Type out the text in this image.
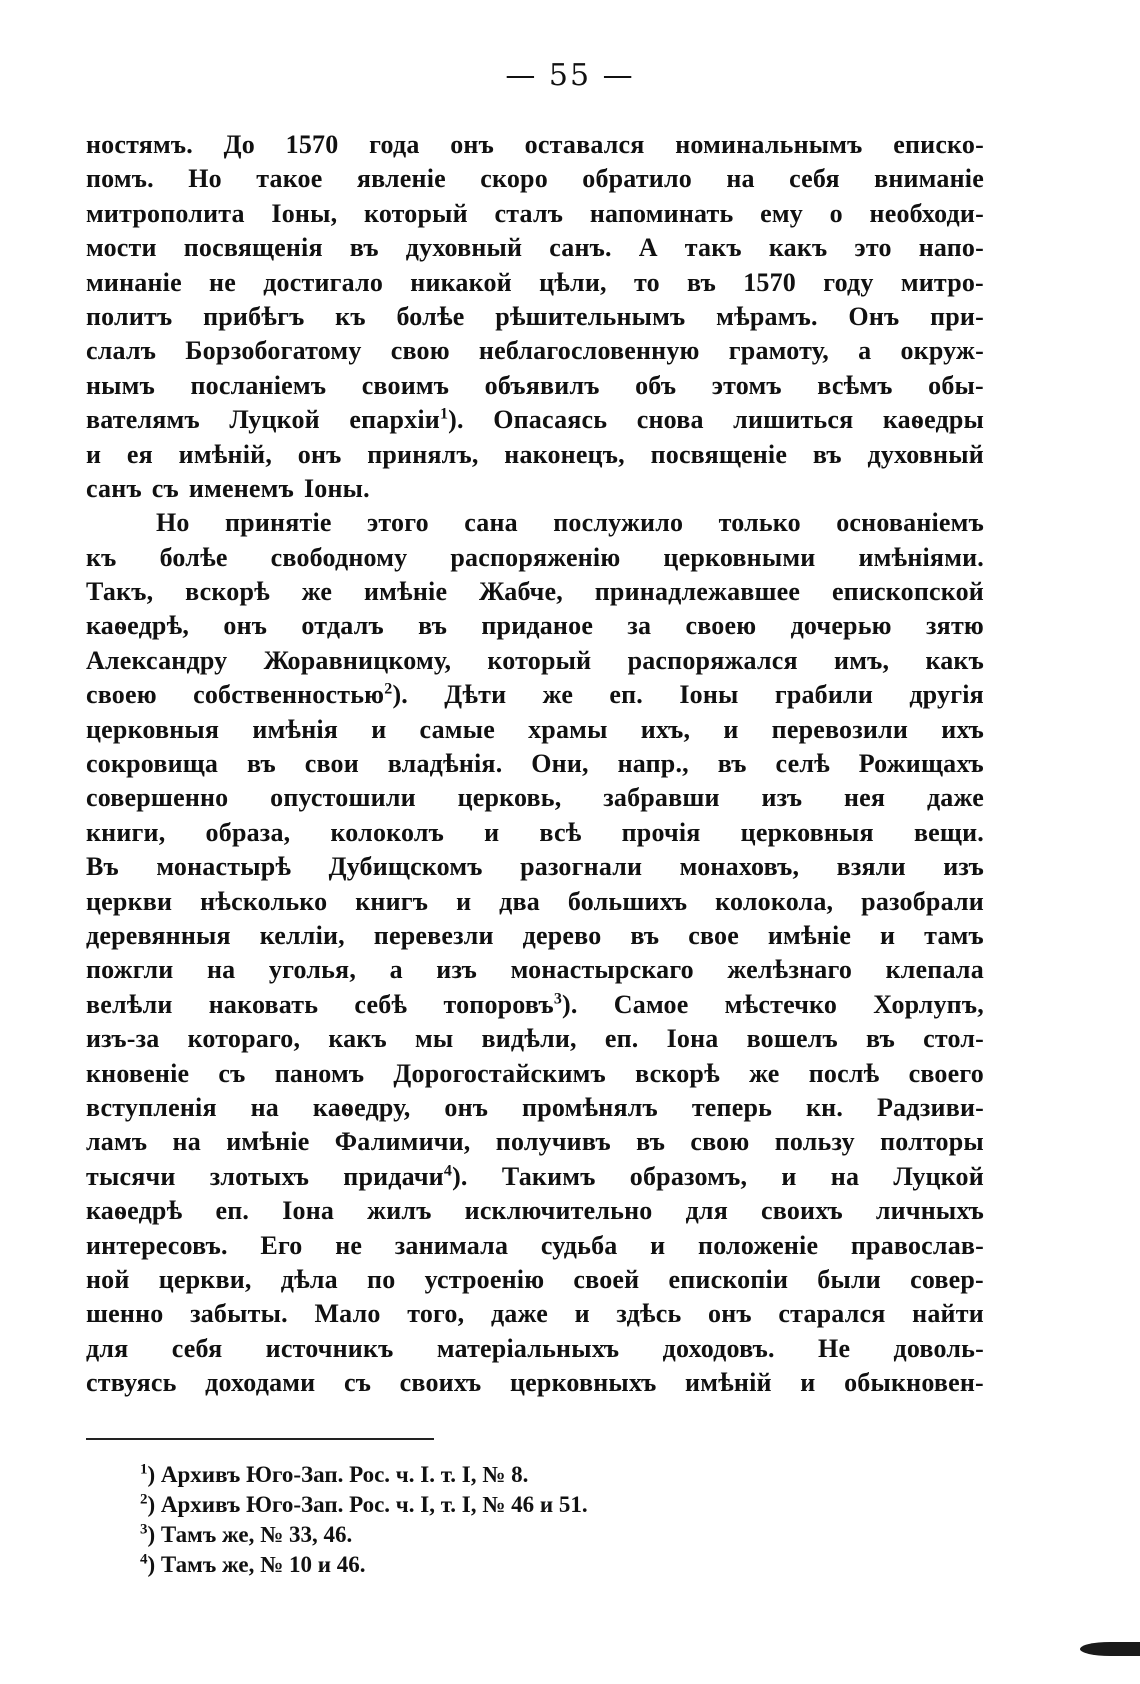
— 55 —
ностямъ. До 1570 года онъ оставался номинальнымъ еписко-
помъ. Но такое явленіе скоро обратило на себя вниманіе
митрополита Іоны, который сталъ напоминать ему о необходи-
мости посвященія въ духовный санъ. А такъ какъ это напо-
минаніе не достигало никакой цѣли, то въ 1570 году митро-
политъ прибѣгъ къ болѣе рѣшительнымъ мѣрамъ. Онъ при-
слалъ Борзобогатому свою неблагословенную грамоту, а окруж-
нымъ посланіемъ своимъ объявилъ объ этомъ всѣмъ обы-
вателямъ Луцкой епархіи$^1$). Опасаясь снова лишиться каѳедры
и ея имѣній, онъ принялъ, наконецъ, посвященіе въ духовный
санъ съ именемъ Іоны.
Но принятіе этого сана послужило только основаніемъ
къ болѣе свободному распоряженію церковными имѣніями.
Такъ, вскорѣ же имѣніе Жабче, принадлежавшее епископской
каѳедрѣ, онъ отдалъ въ приданое за своею дочерью зятю
Александру Жоравницкому, который распоряжался имъ, какъ
своею собственностью$^2$). Дѣти же еп. Іоны грабили другія
церковныя имѣнія и самые храмы ихъ, и перевозили ихъ
сокровища въ свои владѣнія. Они, напр., въ селѣ Рожищахъ
совершенно опустошили церковь, забравши изъ нея даже
книги, образа, колоколъ и всѣ прочія церковныя вещи.
Въ монастырѣ Дубищскомъ разогнали монаховъ, взяли изъ
церкви нѣсколько книгъ и два большихъ колокола, разобрали
деревянныя келліи, перевезли дерево въ свое имѣніе и тамъ
пожгли на уголья, а изъ монастырскаго желѣзнаго клепала
велѣли наковать себѣ топоровъ$^3$). Самое мѣстечко Хорлупъ,
изъ-за котораго, какъ мы видѣли, еп. Іона вошелъ въ стол-
кновеніе съ паномъ Дорогостайскимъ вскорѣ же послѣ своего
вступленія на каѳедру, онъ промѣнялъ теперь кн. Радзиви-
ламъ на имѣніе Фалимичи, получивъ въ свою пользу полторы
тысячи злотыхъ придачи$^4$). Такимъ образомъ, и на Луцкой
каѳедрѣ еп. Іона жилъ исключительно для своихъ личныхъ
интересовъ. Его не занимала судьба и положеніе православ-
ной церкви, дѣла по устроенію своей епископіи были совер-
шенно забыты. Мало того, даже и здѣсь онъ старался найти
для себя источникъ матеріальныхъ доходовъ. Не доволь-
ствуясь доходами съ своихъ церковныхъ имѣній и обыкновен-
$^1$) Архивъ Юго-Зап. Рос. ч. I. т. I, № 8.
$^2$) Архивъ Юго-Зап. Рос. ч. I, т. I, № 46 и 51.
$^3$) Тамъ же, № 33, 46.
$^4$) Тамъ же, № 10 и 46.
